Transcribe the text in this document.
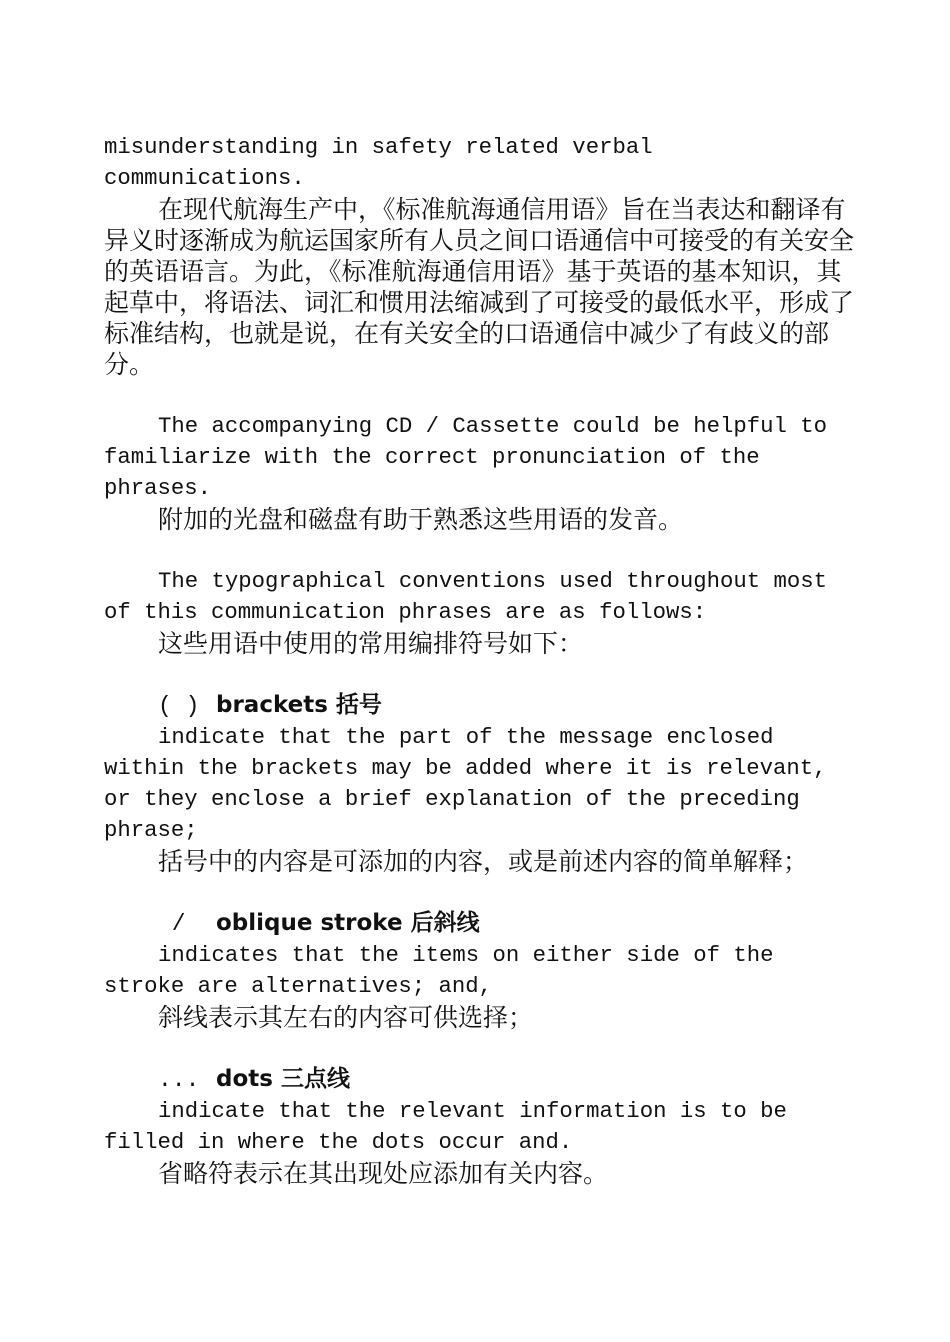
misunderstanding in safety related verbal communications.

在现代航海生产中，《标准航海通信用语》旨在当表达和翻译有异义时逐渐成为航运国家所有人员之间口语通信中可接受的有关安全的英语语言。为此，《标准航海通信用语》基于英语的基本知识，其起草中，将语法、词汇和惯用法缩减到了可接受的最低水平，形成了标准结构，也就是说，在有关安全的口语通信中减少了有歧义的部分。

The accompanying CD / Cassette could be helpful to familiarize with the correct pronunciation of the phrases.

附加的光盘和磁盘有助于熟悉这些用语的发音。

The typographical conventions used throughout most of this communication phrases are as follows:

这些用语中使用的常用编排符号如下：

( ) brackets 括号

indicate that the part of the message enclosed within the brackets may be added where it is relevant, or they enclose a brief explanation of the preceding phrase;

括号中的内容是可添加的内容，或是前述内容的简单解释；

/ oblique stroke 后斜线

indicates that the items on either side of the stroke are alternatives; and,

斜线表示其左右的内容可供选择；

... dots 三点线

indicate that the relevant information is to be filled in where the dots occur and.

省略符表示在其出现处应添加有关内容。
